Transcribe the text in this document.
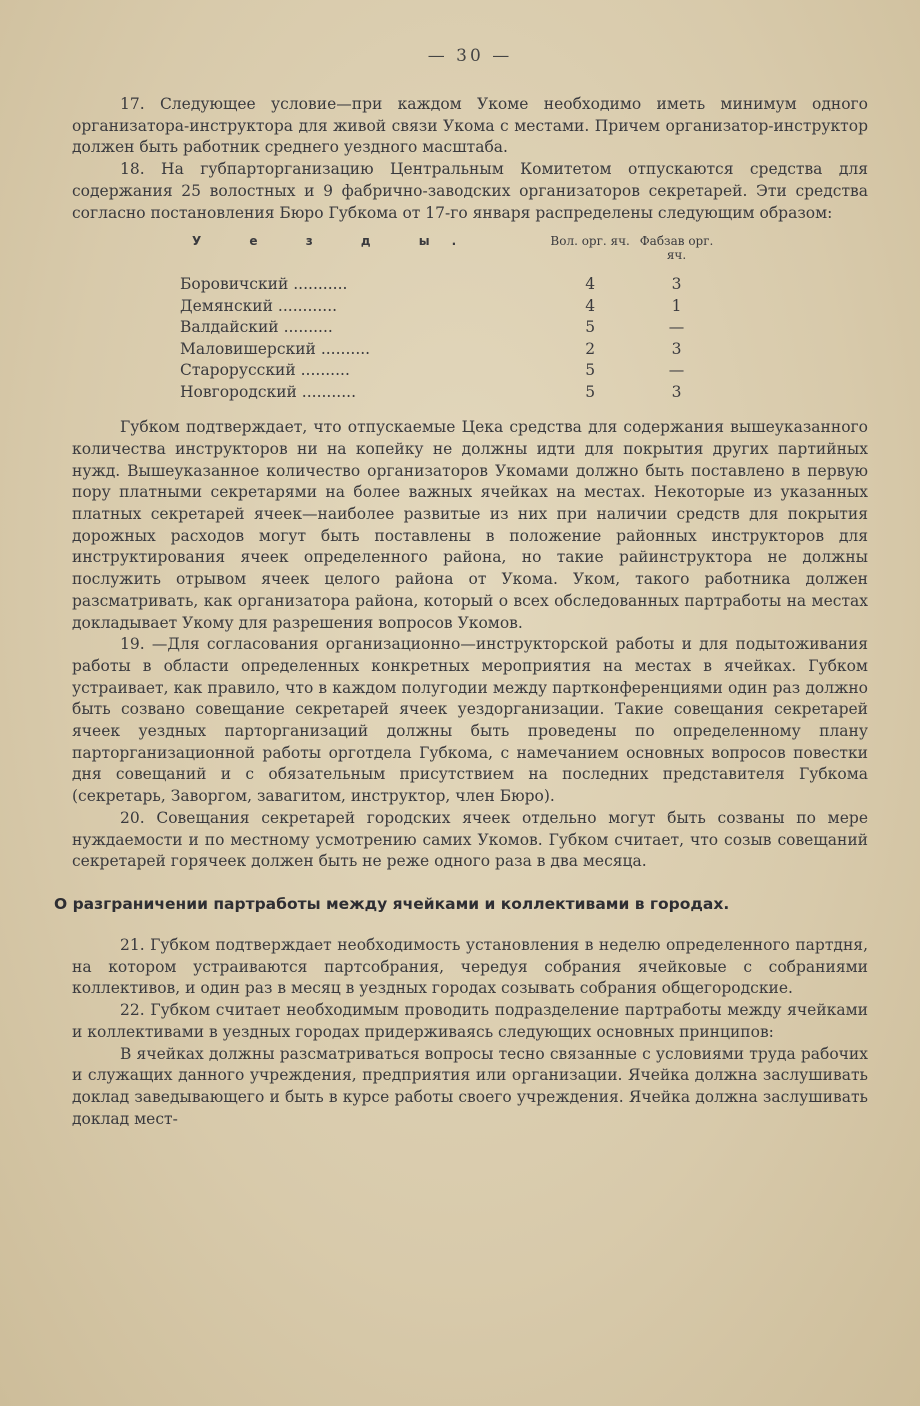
— 30 —

17. Следующее условие—при каждом Укоме необходимо иметь минимум одного организатора-инструктора для живой связи Укома с местами. Причем организатор-инструктор должен быть работник среднего уездного масштаба.

18. На губпарторганизацию Центральным Комитетом отпускаются средства для содержания 25 волостных и 9 фабрично-заводских организаторов секретарей. Эти средства согласно постановления Бюро Губкома от 17-го января распределены следующим образом:

У е з д ы.	Вол. орг. яч.	Фабзав орг. яч.
Боровичский ...........		4	3
Демянский ............		4	1
Валдайский ..........		5	—
Маловишерский ..........		2	3
Старорусский ..........		5	—
Новгородский ...........		5	3

Губком подтверждает, что отпускаемые Цека средства для содержания вышеуказанного количества инструкторов ни на копейку не должны идти для покрытия других партийных нужд. Вышеуказанное количество организаторов Укомами должно быть поставлено в первую пору платными секретарями на более важных ячейках на местах. Некоторые из указанных платных секретарей ячеек—наиболее развитые из них при наличии средств для покрытия дорожных расходов могут быть поставлены в положение районных инструкторов для инструктирования ячеек определенного района, но такие райинструктора не должны послужить отрывом ячеек целого района от Укома. Уком, такого работника должен разсматривать, как организатора района, который о всех обследованных партработы на местах докладывает Укому для разрешения вопросов Укомов.

19. —Для согласования организационно—инструкторской работы и для подытоживания работы в области определенных конкретных мероприятия на местах в ячейках. Губком устраивает, как правило, что в каждом полугодии между партконференциями один раз должно быть созвано совещание секретарей ячеек уездорганизации. Такие совещания секретарей ячеек уездных парторганизаций должны быть проведены по определенному плану парторганизационной работы орготдела Губкома, с намечанием основных вопросов повестки дня совещаний и с обязательным присутствием на последних представителя Губкома (секретарь, Заворгом, завагитом, инструктор, член Бюро).

20. Совещания секретарей городских ячеек отдельно могут быть созваны по мере нуждаемости и по местному усмотрению самих Укомов. Губком считает, что созыв совещаний секретарей горячеек должен быть не реже одного раза в два месяца.

О разграничении партработы между ячейками и коллективами в городах.

21. Губком подтверждает необходимость установления в неделю определенного партдня, на котором устраиваются партсобрания, чередуя собрания ячейковые с собраниями коллективов, и один раз в месяц в уездных городах созывать собрания общегородские.

22. Губком считает необходимым проводить подразделение партработы между ячейками и коллективами в уездных городах придерживаясь следующих основных принципов:

В ячейках должны разсматриваться вопросы тесно связанные с условиями труда рабочих и служащих данного учреждения, предприятия или организации. Ячейка должна заслушивать доклад заведывающего и быть в курсе работы своего учреждения. Ячейка должна заслушивать доклад мест-
